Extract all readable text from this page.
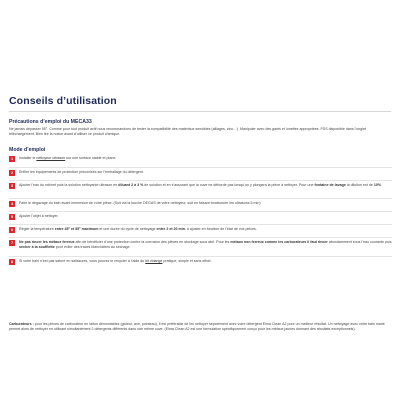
Conseils d’utilisation
Précautions d’emploi du MECA33
Ne jamais dépasser 55°. Comme pour tout produit actif nous recommandons de tester la compatibilité des matériaux sensibles (alliages, zinc…). Manipuler avec des gants et lunettes appropriées. FDS disponible dans l’onglet téléchargement. Bien lire la notice avant d’utiliser ce produit chimique.
Mode d’emploi
1	Installer le nettoyeur ultrason sur une surface stable et plane.
2	Enfiler les équipements de protection préconisés sur l’emballage du détergent.
3	Ajouter l’eau du robinet puis la solution nettoyante ultrason en diluant 2 à 3 % de solution et en s’assurant que la cuve ne déborde pas lorsqu’on y plongera la pièce à nettoyer. Pour une fontaine de lavage la dilution est de 10%.
4	Faire le dégazage du bain avant immersion de votre pièce. (Soit via la touche DEGAS de votre nettoyeur, soit en faisant fonctionner les ultrasons 5 min)
5	Ajouter l’objet à nettoyer.
6	Régler la température entre 45° et 55° maximum et une durée du cycle de nettoyage entre 2 et 20 min. à ajuster en fonction de l’état de vos pièces.
7	Ne pas rincer les métaux ferreux afin de bénéficier d’une protection contre la corrosion des pièces en stockage sous abri. Pour les métaux non ferreux comme les carburateurs il faut rincer abondamment sous l’eau courante puis sécher à la soufflette pour éviter des traces blanchâtres au séchage.
8	Si votre bain n’est pas saturé en salissures, vous pouvez le recycler à l’aide du kit vidange pratique, simple et sans effort.
Carburateurs : pour les pièces de carburateur en laiton démontables (gicleur, axe, pointeau), il est préférable de les nettoyer séparément avec votre détergent Elma Clean A2 pour un meilleur résultat. Un nettoyage avec votre bain marie permet alors de nettoyer en utilisant simultanément 2 détergents différents dans une même cuve. (Elma Clean A2 est une formulation spécifiquement conçu pour les métaux jaunes donnant des résultats exceptionnels).
